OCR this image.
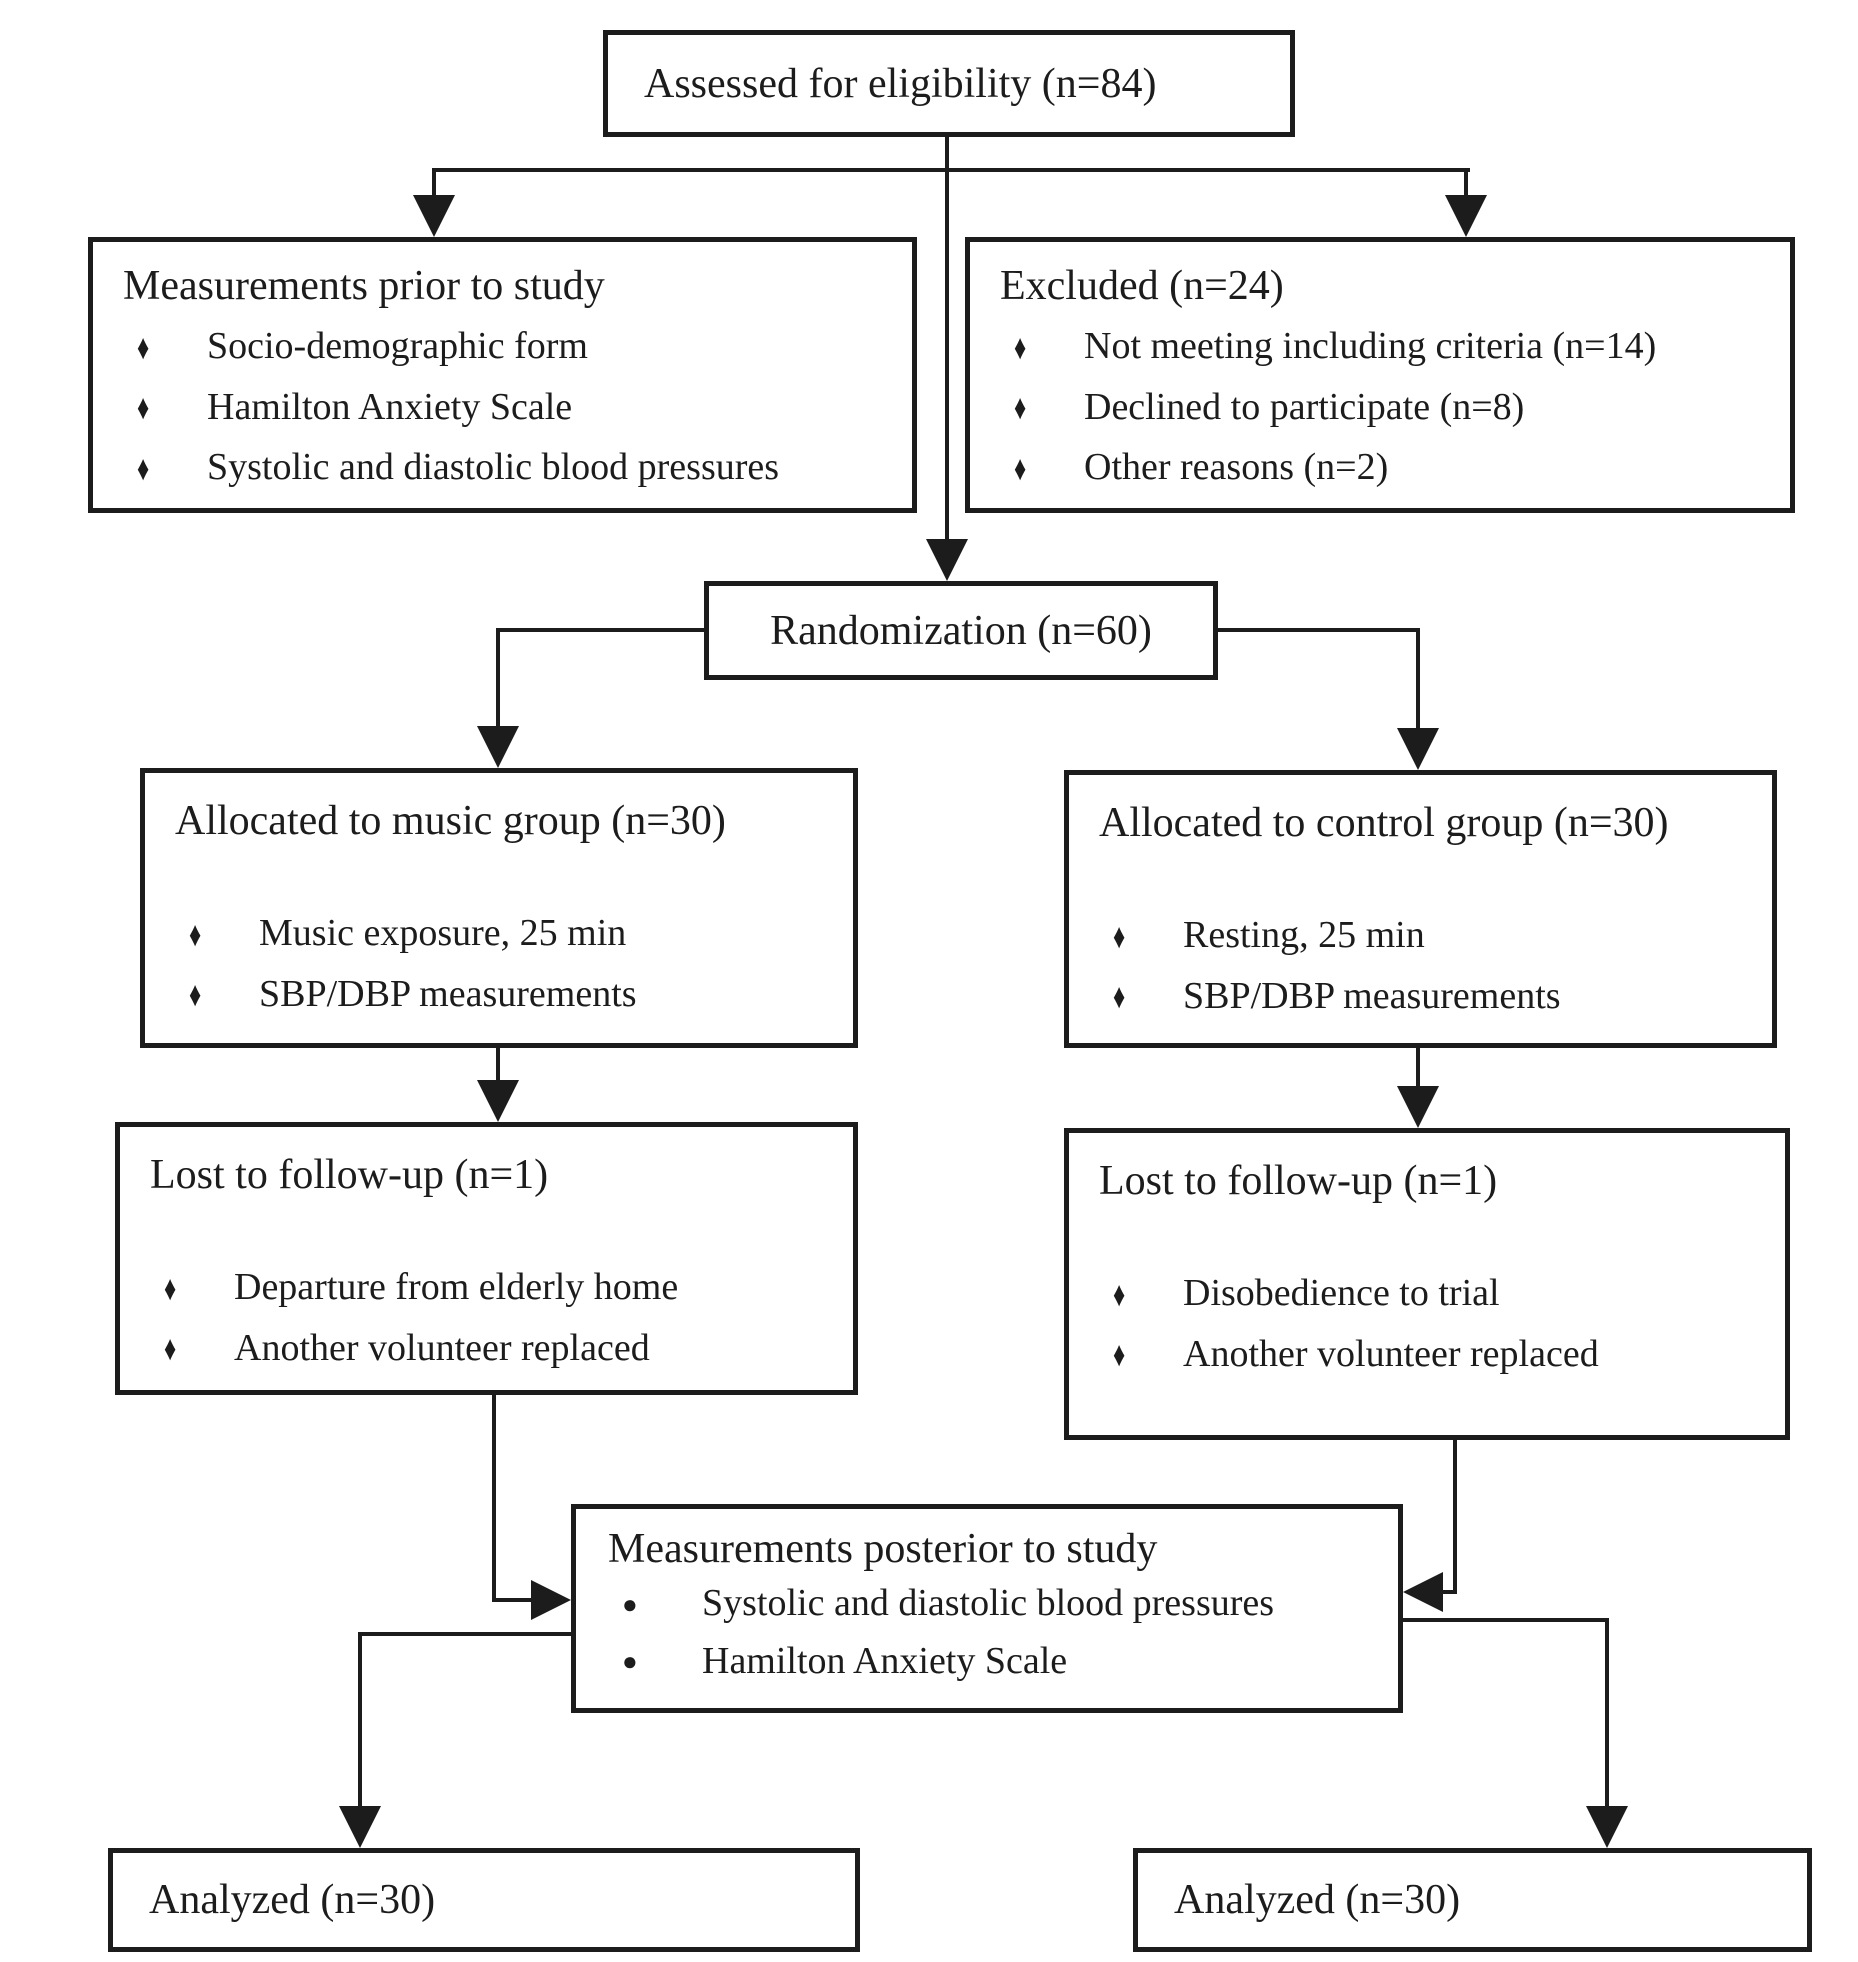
Assessed for eligibility (n=84)
Measurements prior to study
♦	Socio-demographic form
♦	Hamilton Anxiety Scale
♦	Systolic and diastolic blood pressures
Excluded (n=24)
♦	Not meeting including criteria (n=14)
♦	Declined to participate (n=8)
♦	Other reasons (n=2)
Randomization (n=60)
Allocated to music group (n=30)
♦	Music exposure, 25 min
♦	SBP/DBP measurements
Allocated to control group (n=30)
♦	Resting, 25 min
♦	SBP/DBP measurements
Lost to follow-up (n=1)
♦	Departure from elderly home
♦	Another volunteer replaced
Lost to follow-up (n=1)
♦	Disobedience to trial
♦	Another volunteer replaced
Measurements posterior to study
●	Systolic and diastolic blood pressures
●	Hamilton Anxiety Scale
Analyzed (n=30)	Analyzed (n=30)
